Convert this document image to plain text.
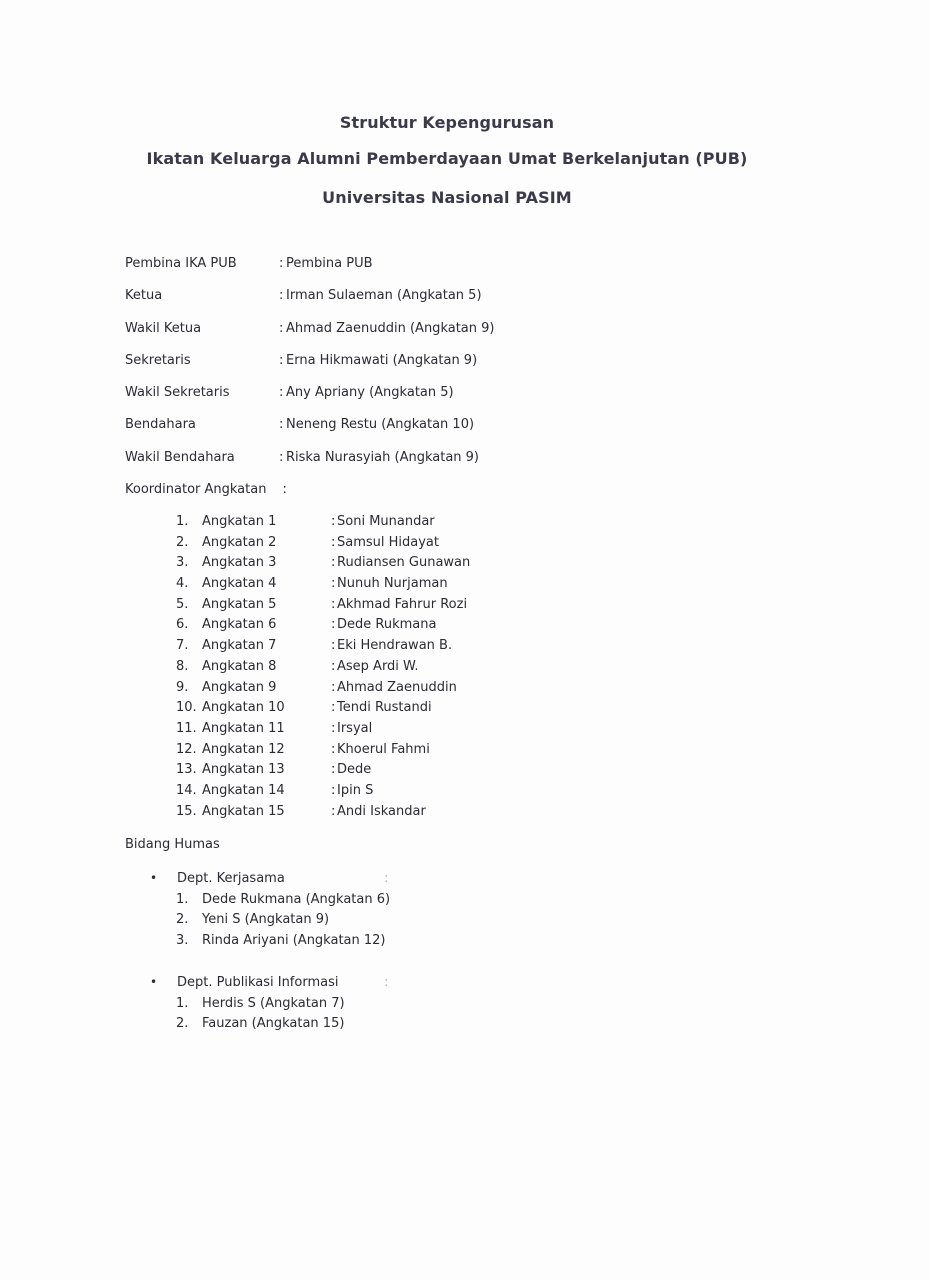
Struktur Kepengurusan
Ikatan Keluarga Alumni Pemberdayaan Umat Berkelanjutan (PUB)
Universitas Nasional PASIM
Pembina IKA PUB	: Pembina PUB
Ketua	: Irman Sulaeman (Angkatan 5)
Wakil Ketua	: Ahmad Zaenuddin (Angkatan 9)
Sekretaris	: Erna Hikmawati (Angkatan 9)
Wakil Sekretaris	: Any Apriany (Angkatan 5)
Bendahara	: Neneng Restu (Angkatan 10)
Wakil Bendahara	: Riska Nurasyiah (Angkatan 9)
Koordinator Angkatan :
1.	Angkatan 1	: Soni Munandar
2.	Angkatan 2	: Samsul Hidayat
3.	Angkatan 3	: Rudiansen Gunawan
4.	Angkatan 4	: Nunuh Nurjaman
5.	Angkatan 5	: Akhmad Fahrur Rozi
6.	Angkatan 6	: Dede Rukmana
7.	Angkatan 7	: Eki Hendrawan B.
8.	Angkatan 8	: Asep Ardi W.
9.	Angkatan 9	: Ahmad Zaenuddin
10. Angkatan 10	: Tendi Rustandi
11. Angkatan 11	: Irsyal
12. Angkatan 12	: Khoerul Fahmi
13. Angkatan 13	: Dede
14. Angkatan 14	: Ipin S
15. Angkatan 15	: Andi Iskandar
Bidang Humas
•	Dept. Kerjasama	:
1.	Dede Rukmana (Angkatan 6)
2.	Yeni S (Angkatan 9)
3.	Rinda Ariyani (Angkatan 12)
•	Dept. Publikasi Informasi	:
1.	Herdis S (Angkatan 7)
2.	Fauzan (Angkatan 15)
